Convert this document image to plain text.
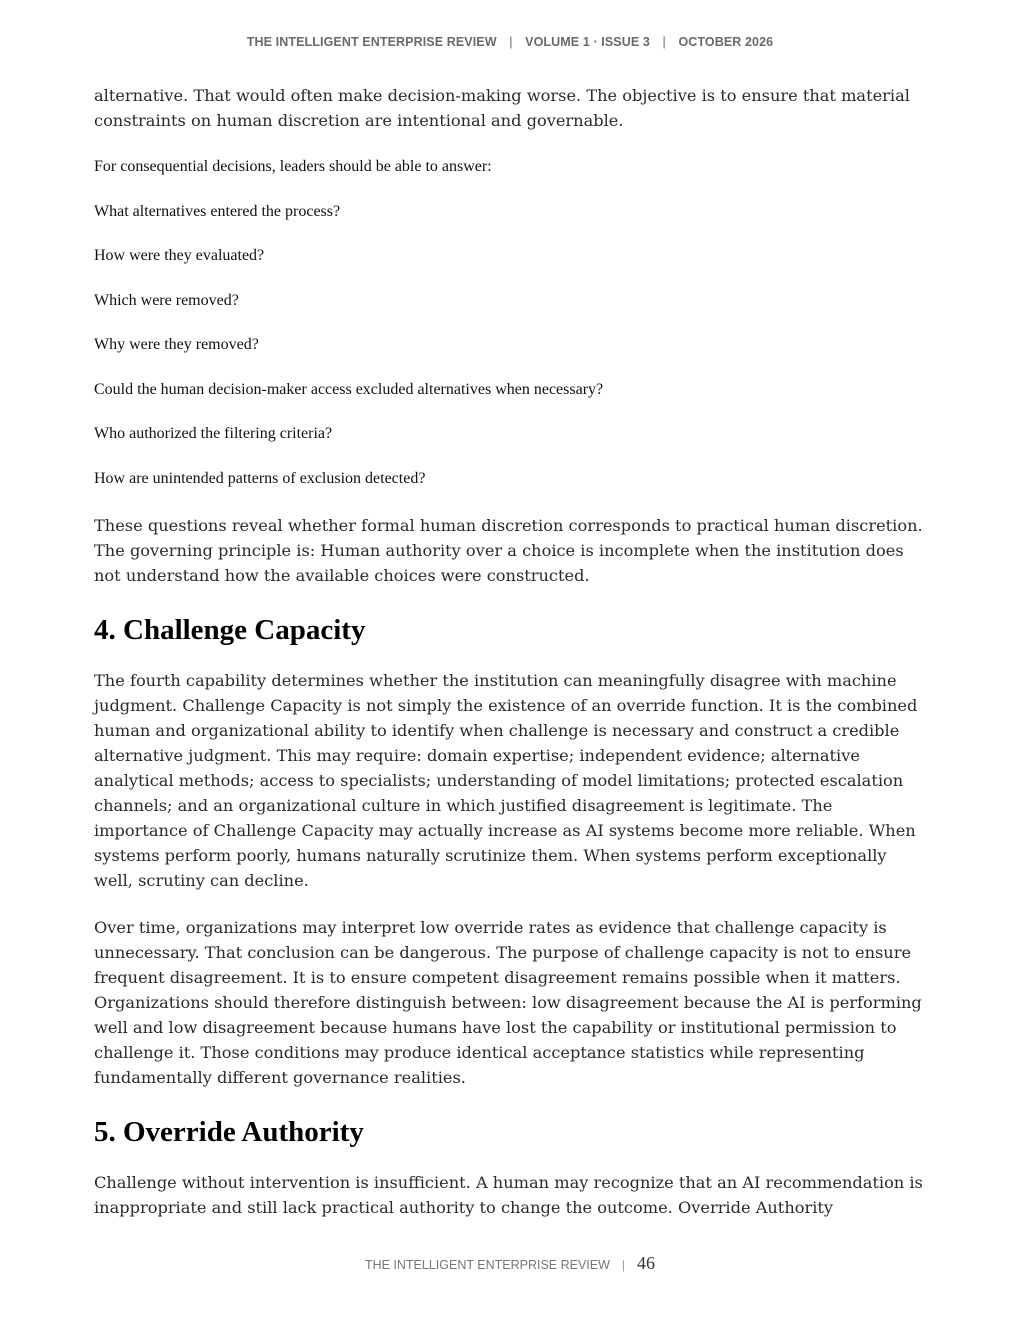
THE INTELLIGENT ENTERPRISE REVIEW | VOLUME 1 · ISSUE 3 | OCTOBER 2026

alternative. That would often make decision-making worse. The objective is to ensure that material constraints on human discretion are intentional and governable.

For consequential decisions, leaders should be able to answer:

What alternatives entered the process?
How were they evaluated?
Which were removed?
Why were they removed?
Could the human decision-maker access excluded alternatives when necessary?
Who authorized the filtering criteria?
How are unintended patterns of exclusion detected?

These questions reveal whether formal human discretion corresponds to practical human discretion. The governing principle is: Human authority over a choice is incomplete when the institution does not understand how the available choices were constructed.

4. Challenge Capacity

The fourth capability determines whether the institution can meaningfully disagree with machine judgment. Challenge Capacity is not simply the existence of an override function. It is the combined human and organizational ability to identify when challenge is necessary and construct a credible alternative judgment. This may require: domain expertise; independent evidence; alternative analytical methods; access to specialists; understanding of model limitations; protected escalation channels; and an organizational culture in which justified disagreement is legitimate. The importance of Challenge Capacity may actually increase as AI systems become more reliable. When systems perform poorly, humans naturally scrutinize them. When systems perform exceptionally well, scrutiny can decline.

Over time, organizations may interpret low override rates as evidence that challenge capacity is unnecessary. That conclusion can be dangerous. The purpose of challenge capacity is not to ensure frequent disagreement. It is to ensure competent disagreement remains possible when it matters. Organizations should therefore distinguish between: low disagreement because the AI is performing well and low disagreement because humans have lost the capability or institutional permission to challenge it. Those conditions may produce identical acceptance statistics while representing fundamentally different governance realities.

5. Override Authority

Challenge without intervention is insufficient. A human may recognize that an AI recommendation is inappropriate and still lack practical authority to change the outcome. Override Authority

THE INTELLIGENT ENTERPRISE REVIEW | 46
